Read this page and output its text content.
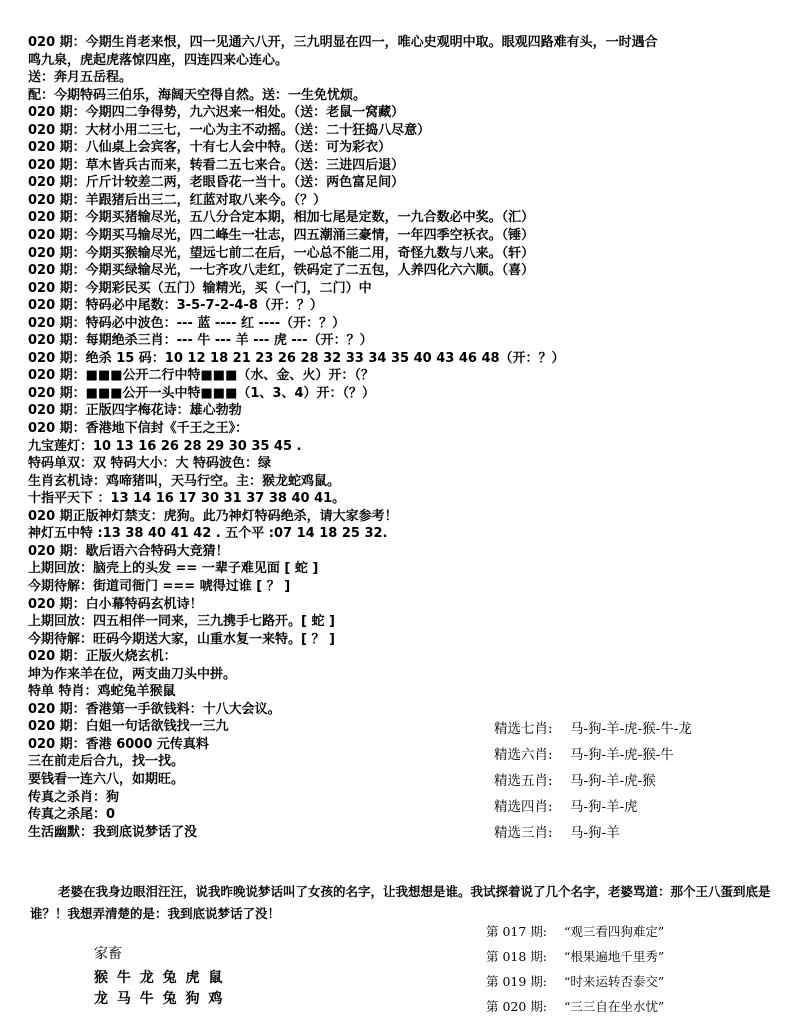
020 期：今期生肖老来恨，四一见通六八开，三九明显在四一，唯心史观明中取。眼观四路难有头，一时遇合
鸣九泉，虎起虎落惊四座，四连四来心连心。
送：奔月五岳程。
配：今期特码三伯乐，海阔天空得自然。送：一生免忧烦。
020 期：今期四二争得势，九六迟来一相处。（送：老鼠一窝藏）
020 期：大材小用二三七，一心为主不动摇。（送：二十狂捣八尽意）
020 期：八仙桌上会宾客，十有七人会中特。（送：可为彩衣）
020 期：草木皆兵古而来，转看二五七来合。（送：三进四后退）
020 期：斤斤计较差二两，老眼昏花一当十。（送：两色富足间）
020 期：羊跟猪后出三二，红蓝对取八来今。（？）
020 期：今期买猪输尽光，五八分合定本期，相加七尾是定数，一九合数必中奖。（汇）
020 期：今期买马输尽光，四二峰生一壮志，四五潮涌三豪情，一年四季空袄衣。（锤）
020 期：今期买猴输尽光，望远七前二在后，一心总不能二用，奇怪九数与八来。（轩）
020 期：今期买绿输尽光，一七齐攻八走红，铁码定了二五包，人养四化六六顺。（喜）
020 期：今期彩民买（五门）输精光，买（一门，二门）中
020 期：特码必中尾数：3-5-7-2-4-8（开：？）
020 期：特码必中波色：--- 蓝 ---- 红 ----（开：？）
020 期：每期绝杀三肖：--- 牛 --- 羊 --- 虎 ---（开：？）
020 期：绝杀 15 码：10 12 18 21 23 26 28 32 33 34 35 40 43 46 48（开：？）
020 期：■■■公开二行中特■■■（水、金、火）开：（？
020 期：■■■公开一头中特■■■（1、3、4）开：（？）
020 期：正版四字梅花诗：雄心勃勃
020 期：香港地下信封《千王之王》：
九宝莲灯：10 13 16 26 28 29 30 35 45 .
特码单双：双 特码大小：大 特码波色：绿
生肖玄机诗：鸡啼猪叫，天马行空。主：猴龙蛇鸡鼠。
十指平天下 ：13 14 16 17 30 31 37 38 40 41。
020 期正版神灯禁支：虎狗。此乃神灯特码绝杀，请大家参考！
神灯五中特 :13 38 40 41 42 . 五个平 :07 14 18 25 32.
020 期：歇后语六合特码大竞猜！
上期回放：脑壳上的头发 == 一辈子难见面 [ 蛇 ]
今期待解：街道司衙门 === 唬得过谁 [ ？ ]
020 期：白小幕特码玄机诗！
上期回放：四五相伴一同来，三九携手七路开。[ 蛇 ]
今期待解：旺码今期送大家，山重水复一来特。[ ？ ]
020 期：正版火烧玄机：
坤为作来羊在位，两支曲刀头中拼。
特单 特肖：鸡蛇兔羊猴鼠
020 期：香港第一手欲钱料：十八大会议。
020 期：白姐一句话欲钱找一三九
020 期：香港 6000 元传真料
三在前走后合九，找一找。
要钱看一连六八，如期旺。
传真之杀肖：狗
传真之杀尾：0
生活幽默：我到底说梦话了没
精选七肖: 马-狗-羊-虎-猴-牛-龙
精选六肖: 马-狗-羊-虎-猴-牛
精选五肖: 马-狗-羊-虎-猴
精选四肖: 马-狗-羊-虎
精选三肖: 马-狗-羊
老婆在我身边眼泪汪汪，说我昨晚说梦话叫了女孩的名字，让我想想是谁。我试探着说了几个名字，老婆骂道：那个王八蛋到底是谁？！我想弄清楚的是：我到底说梦话了没！
第 017 期: “观三看四狗难定”
第 018 期: “根果遍地千里秀”
第 019 期: “时来运转否泰交”
第 020 期: “三三自在坐水忧”
家畜
猴 牛 龙 兔 虎 鼠
龙 马 牛 兔 狗 鸡
